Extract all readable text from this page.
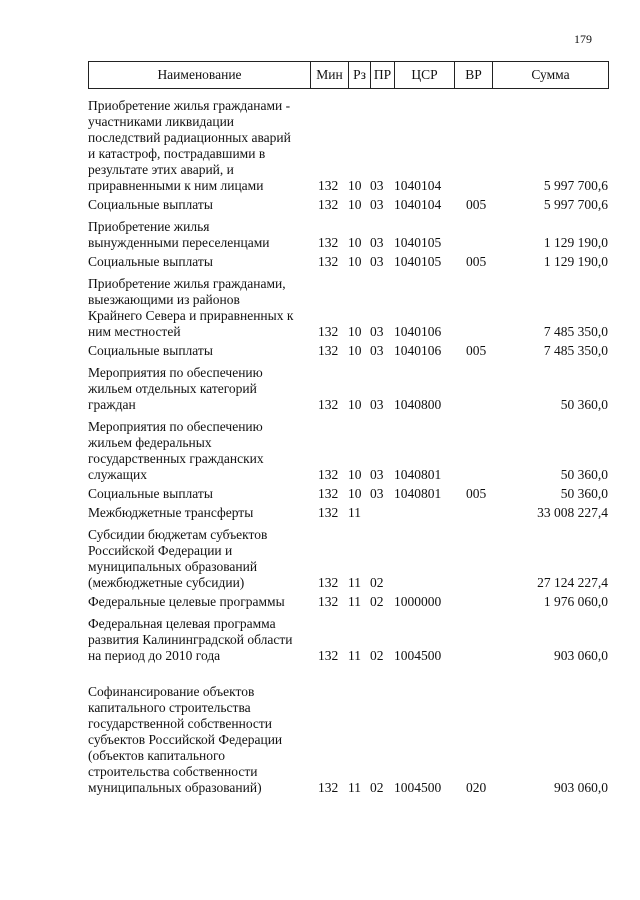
179
Наименование	Мин	Рз	ПР	ЦСР	ВР	Сумма
Приобретение жилья гражданами -
участниками ликвидации
последствий радиационных аварий
и катастроф, пострадавшими в
результате этих аварий, и
приравненными к ним лицами	132 10 03 1040104	5 997 700,6
Социальные выплаты	132 10 03 1040104	005	5 997 700,6
Приобретение жилья
вынужденными переселенцами	132 10 03 1040105	1 129 190,0
Социальные выплаты	132 10 03 1040105	005	1 129 190,0
Приобретение жилья гражданами,
выезжающими из районов
Крайнего Севера и приравненных к
ним местностей	132 10 03 1040106	7 485 350,0
Социальные выплаты	132 10 03 1040106	005	7 485 350,0
Мероприятия по обеспечению
жильем отдельных категорий
граждан	132 10 03 1040800	50 360,0
Мероприятия по обеспечению
жильем федеральных
государственных гражданских
служащих	132 10 03 1040801	50 360,0
Социальные выплаты	132 10 03 1040801	005	50 360,0
Межбюджетные трансферты	132 11	33 008 227,4
Субсидии бюджетам субъектов
Российской Федерации и
муниципальных образований
(межбюджетные субсидии)	132 11 02	27 124 227,4
Федеральные целевые программы	132 11 02 1000000	1 976 060,0
Федеральная целевая программа
развития Калининградской области
на период до 2010 года	132 11 02 1004500	903 060,0
Софинансирование объектов
капитального строительства
государственной собственности
субъектов Российской Федерации
(объектов капитального
строительства собственности
муниципальных образований)	132 11 02 1004500	020	903 060,0
